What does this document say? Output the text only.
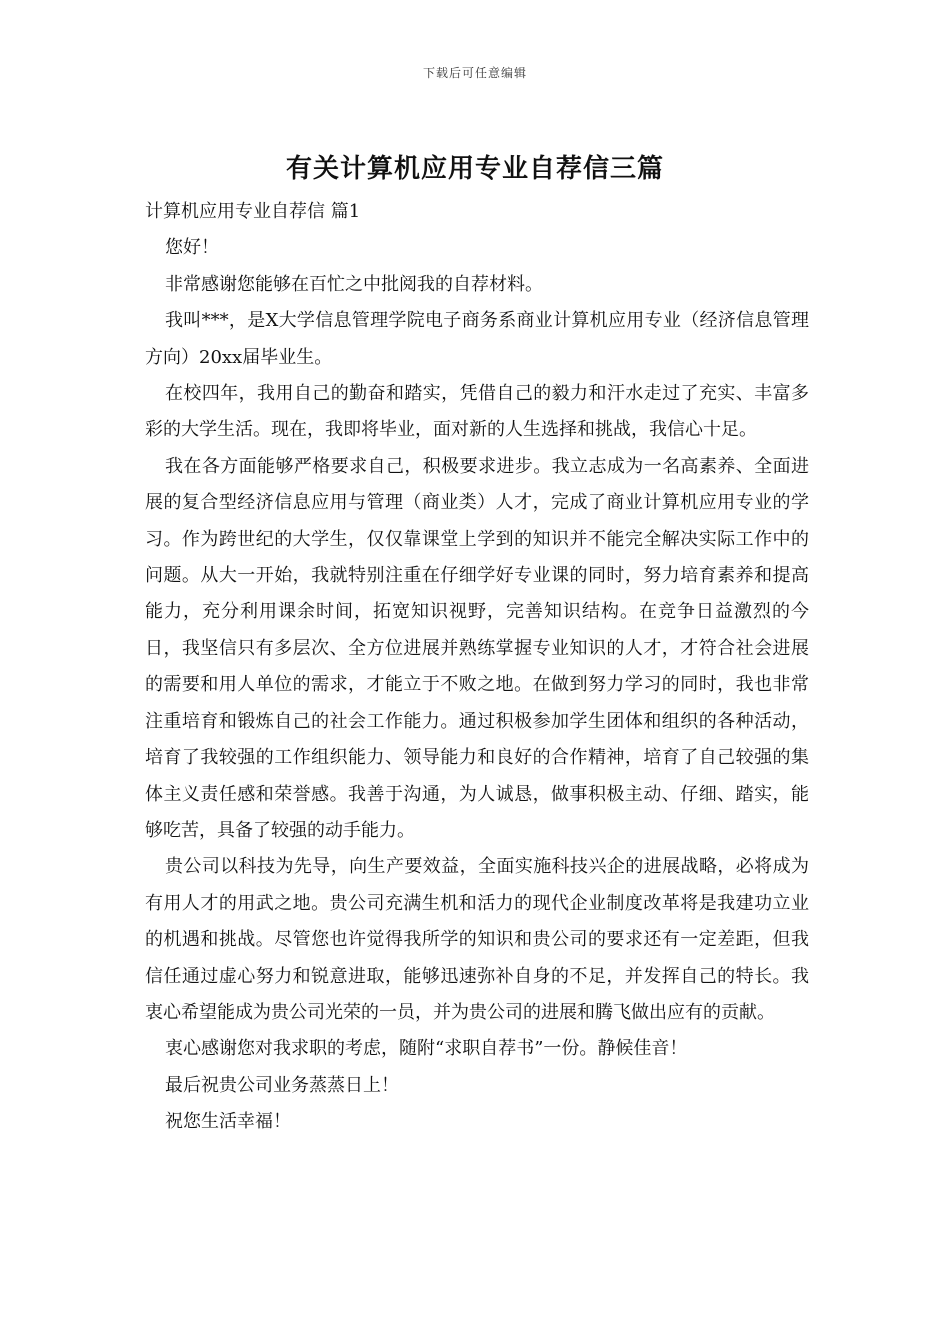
下载后可任意编辑
有关计算机应用专业自荐信三篇

计算机应用专业自荐信 篇1

您好！

非常感谢您能够在百忙之中批阅我的自荐材料。

我叫***，是X大学信息管理学院电子商务系商业计算机应用专业（经济信息管理方向）20xx届毕业生。

在校四年，我用自己的勤奋和踏实，凭借自己的毅力和汗水走过了充实、丰富多彩的大学生活。现在，我即将毕业，面对新的人生选择和挑战，我信心十足。

我在各方面能够严格要求自己，积极要求进步。我立志成为一名高素养、全面进展的复合型经济信息应用与管理（商业类）人才，完成了商业计算机应用专业的学习。作为跨世纪的大学生，仅仅靠课堂上学到的知识并不能完全解决实际工作中的问题。从大一开始，我就特别注重在仔细学好专业课的同时，努力培育素养和提高能力，充分利用课余时间，拓宽知识视野，完善知识结构。在竞争日益激烈的今日，我坚信只有多层次、全方位进展并熟练掌握专业知识的人才，才符合社会进展的需要和用人单位的需求，才能立于不败之地。在做到努力学习的同时，我也非常注重培育和锻炼自己的社会工作能力。通过积极参加学生团体和组织的各种活动，培育了我较强的工作组织能力、领导能力和良好的合作精神，培育了自己较强的集体主义责任感和荣誉感。我善于沟通，为人诚恳，做事积极主动、仔细、踏实，能够吃苦，具备了较强的动手能力。

贵公司以科技为先导，向生产要效益，全面实施科技兴企的进展战略，必将成为有用人才的用武之地。贵公司充满生机和活力的现代企业制度改革将是我建功立业的机遇和挑战。尽管您也许觉得我所学的知识和贵公司的要求还有一定差距，但我信任通过虚心努力和锐意进取，能够迅速弥补自身的不足，并发挥自己的特长。我衷心希望能成为贵公司光荣的一员，并为贵公司的进展和腾飞做出应有的贡献。

衷心感谢您对我求职的考虑，随附“求职自荐书”一份。静候佳音！

最后祝贵公司业务蒸蒸日上！

祝您生活幸福！
